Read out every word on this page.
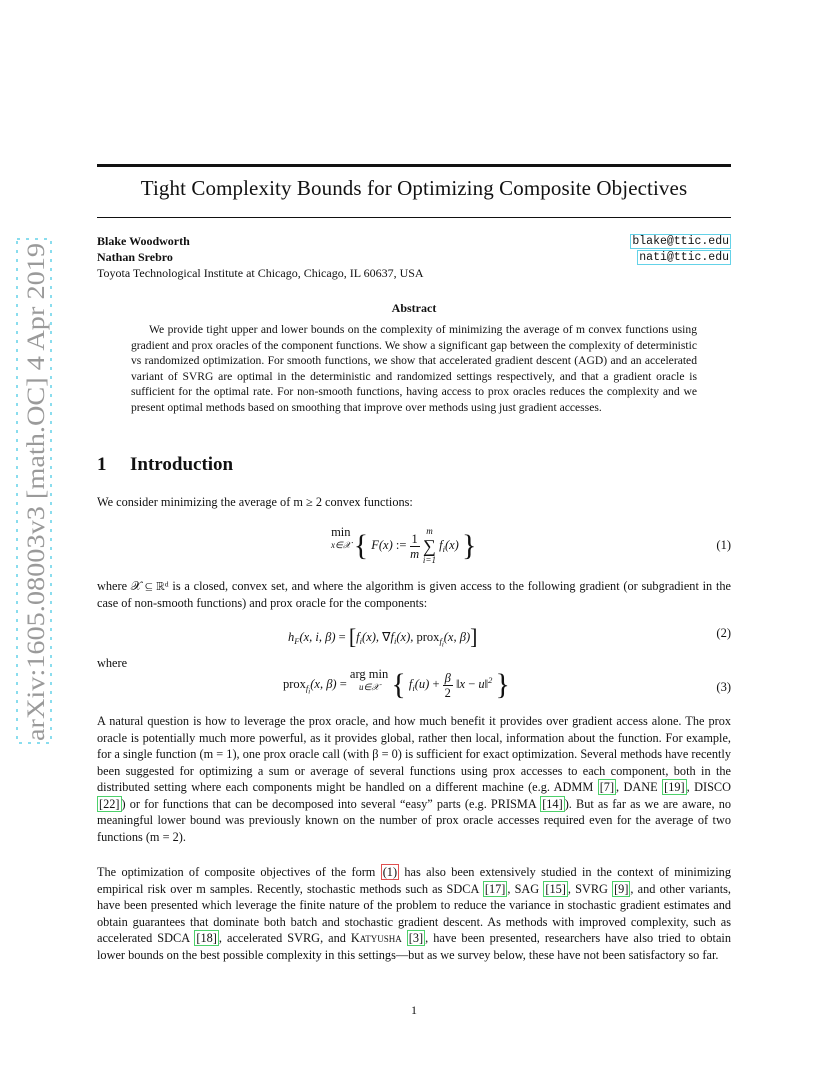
arXiv:1605.08003v3 [math.OC] 4 Apr 2019
Tight Complexity Bounds for Optimizing Composite Objectives
Blake Woodworth	blake@ttic.edu
Nathan Srebro	nati@ttic.edu
Toyota Technological Institute at Chicago, Chicago, IL 60637, USA
Abstract
We provide tight upper and lower bounds on the complexity of minimizing the average of m convex functions using gradient and prox oracles of the component functions. We show a significant gap between the complexity of deterministic vs randomized optimization. For smooth functions, we show that accelerated gradient descent (AGD) and an accelerated variant of SVRG are optimal in the deterministic and randomized settings respectively, and that a gradient oracle is sufficient for the optimal rate. For non-smooth functions, having access to prox oracles reduces the complexity and we present optimal methods based on smoothing that improve over methods using just gradient accesses.
1 Introduction
We consider minimizing the average of m ≥ 2 convex functions:
min
x∈𝒳 { F(x) := $\frac{1}{m}$

m
∑
i=1
$f_i(x)$ }	(1)
where 𝒳 ⊆ ℝᵈ is a closed, convex set, and where the algorithm is given access to the following gradient (or subgradient in the case of non-smooth functions) and prox oracle for the components:
$h_F(x$, i, $\beta) = [f_i(x)$, $\nabla f_i(x)$, prox$_{f_i}$(x, β)]	(2)
where
prox$_{f_i}$(x, β) = arg min
u∈𝒳 { $f_i(u) + \frac{\beta}{2}$ ‖x − u‖$^2$ }	(3)
A natural question is how to leverage the prox oracle, and how much benefit it provides over gradient access alone. The prox oracle is potentially much more powerful, as it provides global, rather then local, information about the function. For example, for a single function (m = 1), one prox oracle call (with β = 0) is sufficient for exact optimization. Several methods have recently been suggested for optimizing a sum or average of several functions using prox accesses to each component, both in the distributed setting where each components might be handled on a different machine (e.g. ADMM [7] , DANE [19] , DISCO [22] ) or for functions that can be decomposed into several “easy” parts (e.g. PRISMA [14] ). But as far as we are aware, no meaningful lower bound was previously known on the number of prox oracle accesses required even for the average of two functions (m = 2).
The optimization of composite objectives of the form (1) has also been extensively studied in the context of minimizing empirical risk over m samples. Recently, stochastic methods such as SDCA [17] , SAG [15] , SVRG [9] , and other variants, have been presented which leverage the finite nature of the problem to reduce the variance in stochastic gradient estimates and obtain guarantees that dominate both batch and stochastic gradient descent. As methods with improved complexity, such as accelerated SDCA [18] , accelerated SVRG, and Katyusha [3] , have been presented, researchers have also tried to obtain lower bounds on the best possible complexity in this settings—but as we survey below, these have not been satisfactory so far.
1
